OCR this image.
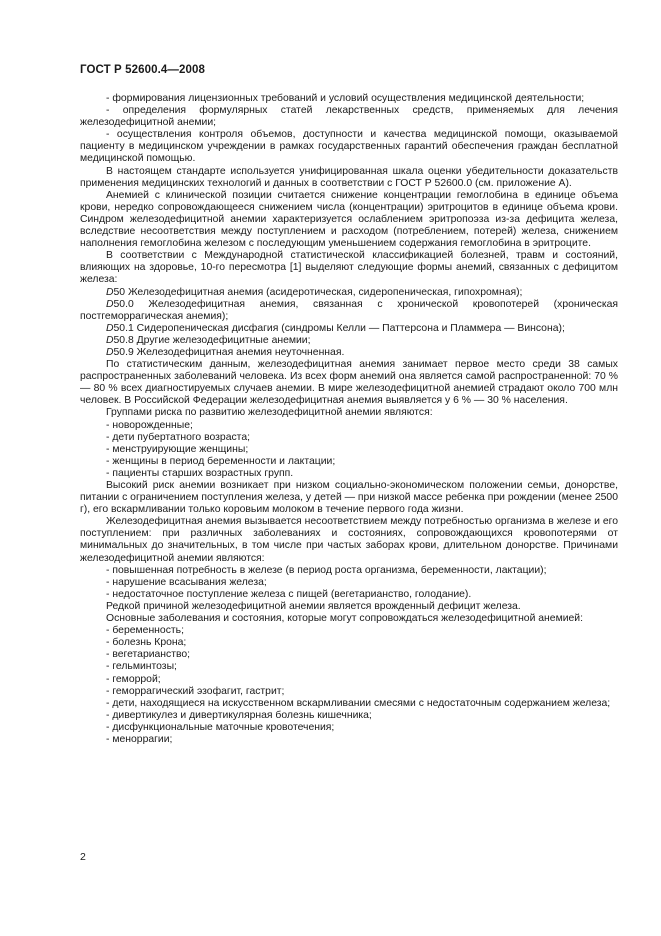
ГОСТ Р 52600.4—2008

- формирования лицензионных требований и условий осуществления медицинской деятельности;

- определения формулярных статей лекарственных средств, применяемых для лечения железодефицитной анемии;

- осуществления контроля объемов, доступности и качества медицинской помощи, оказываемой пациенту в медицинском учреждении в рамках государственных гарантий обеспечения граждан бесплатной медицинской помощью.

В настоящем стандарте используется унифицированная шкала оценки убедительности доказательств применения медицинских технологий и данных в соответствии с ГОСТ Р 52600.0 (см. приложение А).

Анемией с клинической позиции считается снижение концентрации гемоглобина в единице объема крови, нередко сопровождающееся снижением числа (концентрации) эритроцитов в единице объема крови. Синдром железодефицитной анемии характеризуется ослаблением эритропоэза из-за дефицита железа, вследствие несоответствия между поступлением и расходом (потреблением, потерей) железа, снижением наполнения гемоглобина железом с последующим уменьшением содержания гемоглобина в эритроците.

В соответствии с Международной статистической классификацией болезней, травм и состояний, влияющих на здоровье, 10-го пересмотра [1] выделяют следующие формы анемий, связанных с дефицитом железа:

D50 Железодефицитная анемия (асидеротическая, сидеропеническая, гипохромная);

D50.0 Железодефицитная анемия, связанная с хронической кровопотерей (хроническая постгеморрагическая анемия);

D50.1 Сидеропеническая дисфагия (синдромы Келли — Паттерсона и Пламмера — Винсона);

D50.8 Другие железодефицитные анемии;

D50.9 Железодефицитная анемия неуточненная.

По статистическим данным, железодефицитная анемия занимает первое место среди 38 самых распространенных заболеваний человека. Из всех форм анемий она является самой распространенной: 70 % — 80 % всех диагностируемых случаев анемии. В мире железодефицитной анемией страдают около 700 млн человек. В Российской Федерации железодефицитная анемия выявляется у 6 % — 30 % населения.

Группами риска по развитию железодефицитной анемии являются:

- новорожденные;

- дети пубертатного возраста;

- менструирующие женщины;

- женщины в период беременности и лактации;

- пациенты старших возрастных групп.

Высокий риск анемии возникает при низком социально-экономическом положении семьи, донорстве, питании с ограничением поступления железа, у детей — при низкой массе ребенка при рождении (менее 2500 г), его вскармливании только коровьим молоком в течение первого года жизни.

Железодефицитная анемия вызывается несоответствием между потребностью организма в железе и его поступлением: при различных заболеваниях и состояниях, сопровождающихся кровопотерями от минимальных до значительных, в том числе при частых заборах крови, длительном донорстве. Причинами железодефицитной анемии являются:

- повышенная потребность в железе (в период роста организма, беременности, лактации);

- нарушение всасывания железа;

- недостаточное поступление железа с пищей (вегетарианство, голодание).

Редкой причиной железодефицитной анемии является врожденный дефицит железа.

Основные заболевания и состояния, которые могут сопровождаться железодефицитной анемией:

- беременность;

- болезнь Крона;

- вегетарианство;

- гельминтозы;

- геморрой;

- геморрагический эзофагит, гастрит;

- дети, находящиеся на искусственном вскармливании смесями с недостаточным содержанием железа;

- дивертикулез и дивертикулярная болезнь кишечника;

- дисфункциональные маточные кровотечения;

- меноррагии;

2
